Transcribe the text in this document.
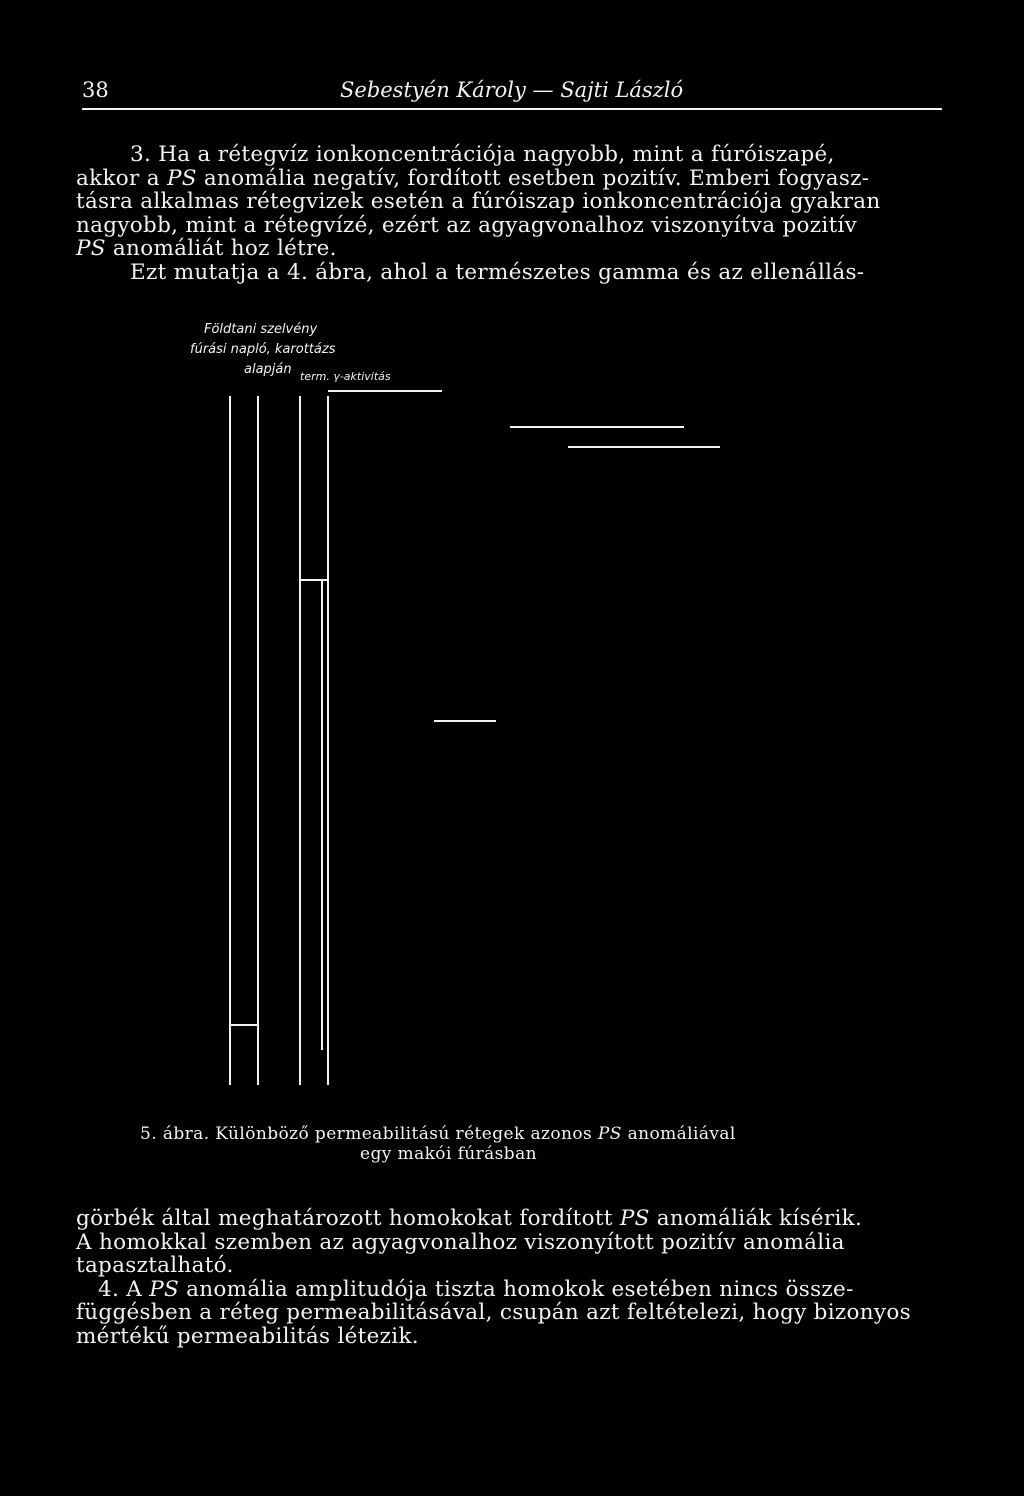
38	Sebestyén Károly — Sajti László
3. Ha a rétegvíz ionkoncentrációja nagyobb, mint a fúróiszapé,
akkor a PS anomália negatív, fordított esetben pozitív. Emberi fogyasz-
tásra alkalmas rétegvizek esetén a fúróiszap ionkoncentrációja gyakran
nagyobb, mint a rétegvízé, ezért az agyagvonalhoz viszonyítva pozitív
PS anomáliát hoz létre.
Ezt mutatja a 4. ábra, ahol a természetes gamma és az ellenállás-
Földtani szelvény
fúrási napló, karottázs
alapján term. γ-aktivitás
5. ábra. Különböző permeabilitású rétegek azonos PS anomáliával
egy makói fúrásban
görbék által meghatározott homokokat fordított PS anomáliák kísérik.
A homokkal szemben az agyagvonalhoz viszonyított pozitív anomália
tapasztalható.
4. A PS anomália amplitudója tiszta homokok esetében nincs össze-
függésben a réteg permeabilitásával, csupán azt feltételezi, hogy bizonyos
mértékű permeabilitás létezik.
